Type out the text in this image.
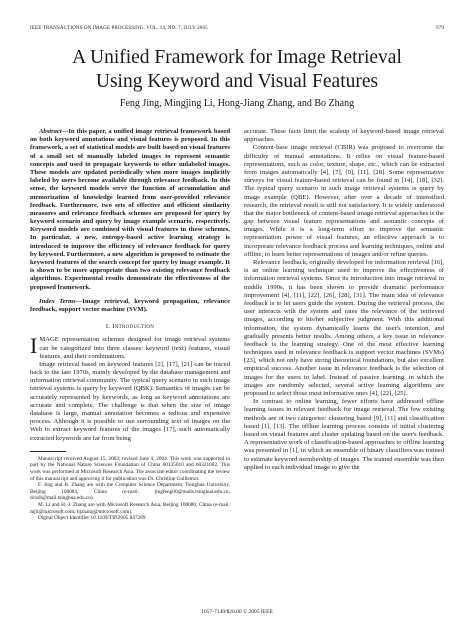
IEEE TRANSACTIONS ON IMAGE PROCESSING, VOL. 14, NO. 7, JULY 2005	979
A Unified Framework for Image Retrieval
Using Keyword and Visual Features
Feng Jing, Mingjing Li, Hong-Jiang Zhang, and Bo Zhang

Abstract—In this paper, a unified image retrieval framework based on both keyword annotations and visual features is proposed. In this framework, a set of statistical models are built based on visual features of a small set of manually labeled images to represent semantic concepts and used to propagate keywords to other unlabeled images. These models are updated periodically when more images implicitly labeled by users become available through relevance feedback. In this sense, the keyword models serve the function of accumulation and memorization of knowledge learned from user-provided relevance feedback. Furthermore, two sets of effective and efficient similarity measures and relevance feedback schemes are proposed for query by keyword scenario and query by image example scenario, respectively. Keyword models are combined with visual features in these schemes. In particular, a new, entropy-based active learning strategy is introduced to improve the efficiency of relevance feedback for query by keyword. Furthermore, a new algorithm is proposed to estimate the keyword features of the search concept for query by image example. It is shown to be more appropriate than two existing relevance feedback algorithms. Experimental results demonstrate the effectiveness of the proposed framework.

Index Terms—Image retrieval, keyword propagation, relevance feedback, support vector machine (SVM).

I. Introduction

IMAGE representation schemes designed for image retrieval systems can be categorized into three classes: keyword (text) features, visual features, and their combinations.

Image retrieval based on keyword features [2], [17], [21] can be traced back to the late 1970s, mainly developed by the database management and information retrieval community. The typical query scenario in such image retrieval systems is query by keyword (QBK). Semantics of images can be accurately represented by keywords, as long as keyword annotations are accurate and complete. The challenge is that when the size of image database is large, manual annotation becomes a tedious and expensive process. Although it is possible to use surrounding text of images on the Web to extract keyword features of the images [17], such automatically extracted keywords are far from being

Manuscript received August 15, 2003; revised June 4, 2004. This work was supported in part by the National Nature Sciences Foundation of China 60135010 and 60321002. This work was performed at Microsoft Research Asia. The associate editor coordinating the review of this manuscript and approving it for publication was Dr. Christine Guillemot.

F. Jing and B. Zhang are with the Computer Science Department, Tsinghua University, Beijing 100084, China (e-mail: jingfeng00@mails.tsinghua.edu.cn; dcszb@mail.tsinghua.edu.cn).

M. Li and H.-J. Zhang are with Microsoft Research Asia, Beijing 100080, China (e-mail: mjli@microsoft.com; hjzhang@microsoft.com).

Digital Object Identifier 10.1109/TIP.2005.847289

accurate. These facts limit the scaleup of keyword-based image retrieval approaches.

Content-base image retrieval (CBIR) was proposed to overcome the difficulty of manual annotations. It relies on visual feature-based representations, such as color, texture, shape, etc., which can be extracted from images automatically [4], [7], [9], [11], [28]. Some representative surveys for visual feature-based retrieval can be found in [14], [18], [32]. The typical query scenario in such image retrieval systems is query by image example (QBE). However, after over a decade of intensified research, the retrieval result is still not satisfactory. It is widely understood that the major bottleneck of content-based image retrieval approaches is the gap between visual feature representations and semantic concepts of images. While it is a long-term effort to improve the semantic representation power of visual features, an effective approach is to incorporate relevance feedback process and learning techniques, online and offline, to learn better representations of images and/or refine queries.

Relevance feedback, originally developed for information retrieval [16], is an online learning technique used to improve the effectiveness of information retrieval systems. Since its introduction into image retrieval in middle 1990s, it has been shown to provide dramatic performance improvement [4], [11], [22], [26], [28], [31]. The main idea of relevance feedback is to let users guide the system. During the retrieval process, the user interacts with the system and rates the relevance of the retrieved images, according to his/her subjective judgment. With this additional information, the system dynamically learns the user's intention, and gradually presents better results. Among others, a key issue in relevance feedback is the learning strategy. One of the most effective learning techniques used in relevance feedback is support vector machines (SVMs) [23], which not only have strong theoretical foundations, but also excellent empirical success. Another issue in relevance feedback is the selection of images for the users to label. Instead of passive learning, in which the images are randomly selected, several active learning algorithms are proposed to select those most informative ones [4], [22], [25].

In contrast to online learning, fewer efforts have addressed offline learning issues in relevant feedback for image retrieval. The few existing methods are of two categories: clustering based [9], [11] and classification based [1], [13]. The offline learning process consists of initial clustering based on visual features and cluster updating based on the user's feedback. A representative work of classification-based approaches to offline learning was presented in [1], in which an ensemble of binary classifiers was trained to estimate keyword membership of images. The trained ensemble was then applied to each individual image to give the

1057-7149/$20.00 © 2005 IEEE
